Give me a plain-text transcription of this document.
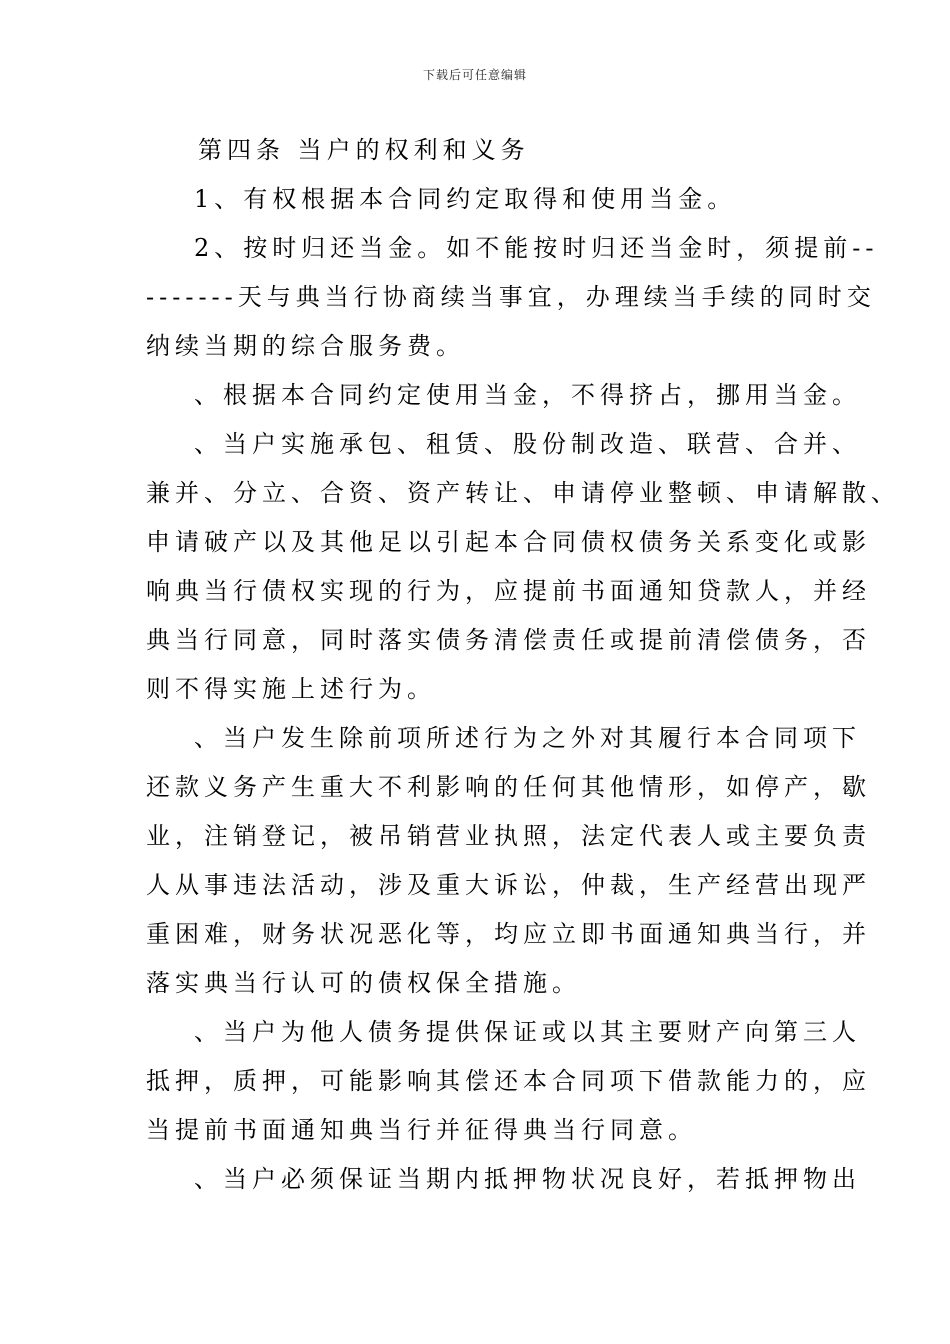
下载后可任意编辑
第四条 当户的权利和义务
1、有权根据本合同约定取得和使用当金。
2、按时归还当金。如不能按时归还当金时，须提前--
-------天与典当行协商续当事宜，办理续当手续的同时交
纳续当期的综合服务费。
、根据本合同约定使用当金，不得挤占，挪用当金。
、当户实施承包、租赁、股份制改造、联营、合并、
兼并、分立、合资、资产转让、申请停业整顿、申请解散、
申请破产以及其他足以引起本合同债权债务关系变化或影
响典当行债权实现的行为，应提前书面通知贷款人，并经
典当行同意，同时落实债务清偿责任或提前清偿债务，否
则不得实施上述行为。
、当户发生除前项所述行为之外对其履行本合同项下
还款义务产生重大不利影响的任何其他情形，如停产，歇
业，注销登记，被吊销营业执照，法定代表人或主要负责
人从事违法活动，涉及重大诉讼，仲裁，生产经营出现严
重困难，财务状况恶化等，均应立即书面通知典当行，并
落实典当行认可的债权保全措施。
、当户为他人债务提供保证或以其主要财产向第三人
抵押，质押，可能影响其偿还本合同项下借款能力的，应
当提前书面通知典当行并征得典当行同意。
、当户必须保证当期内抵押物状况良好，若抵押物出
